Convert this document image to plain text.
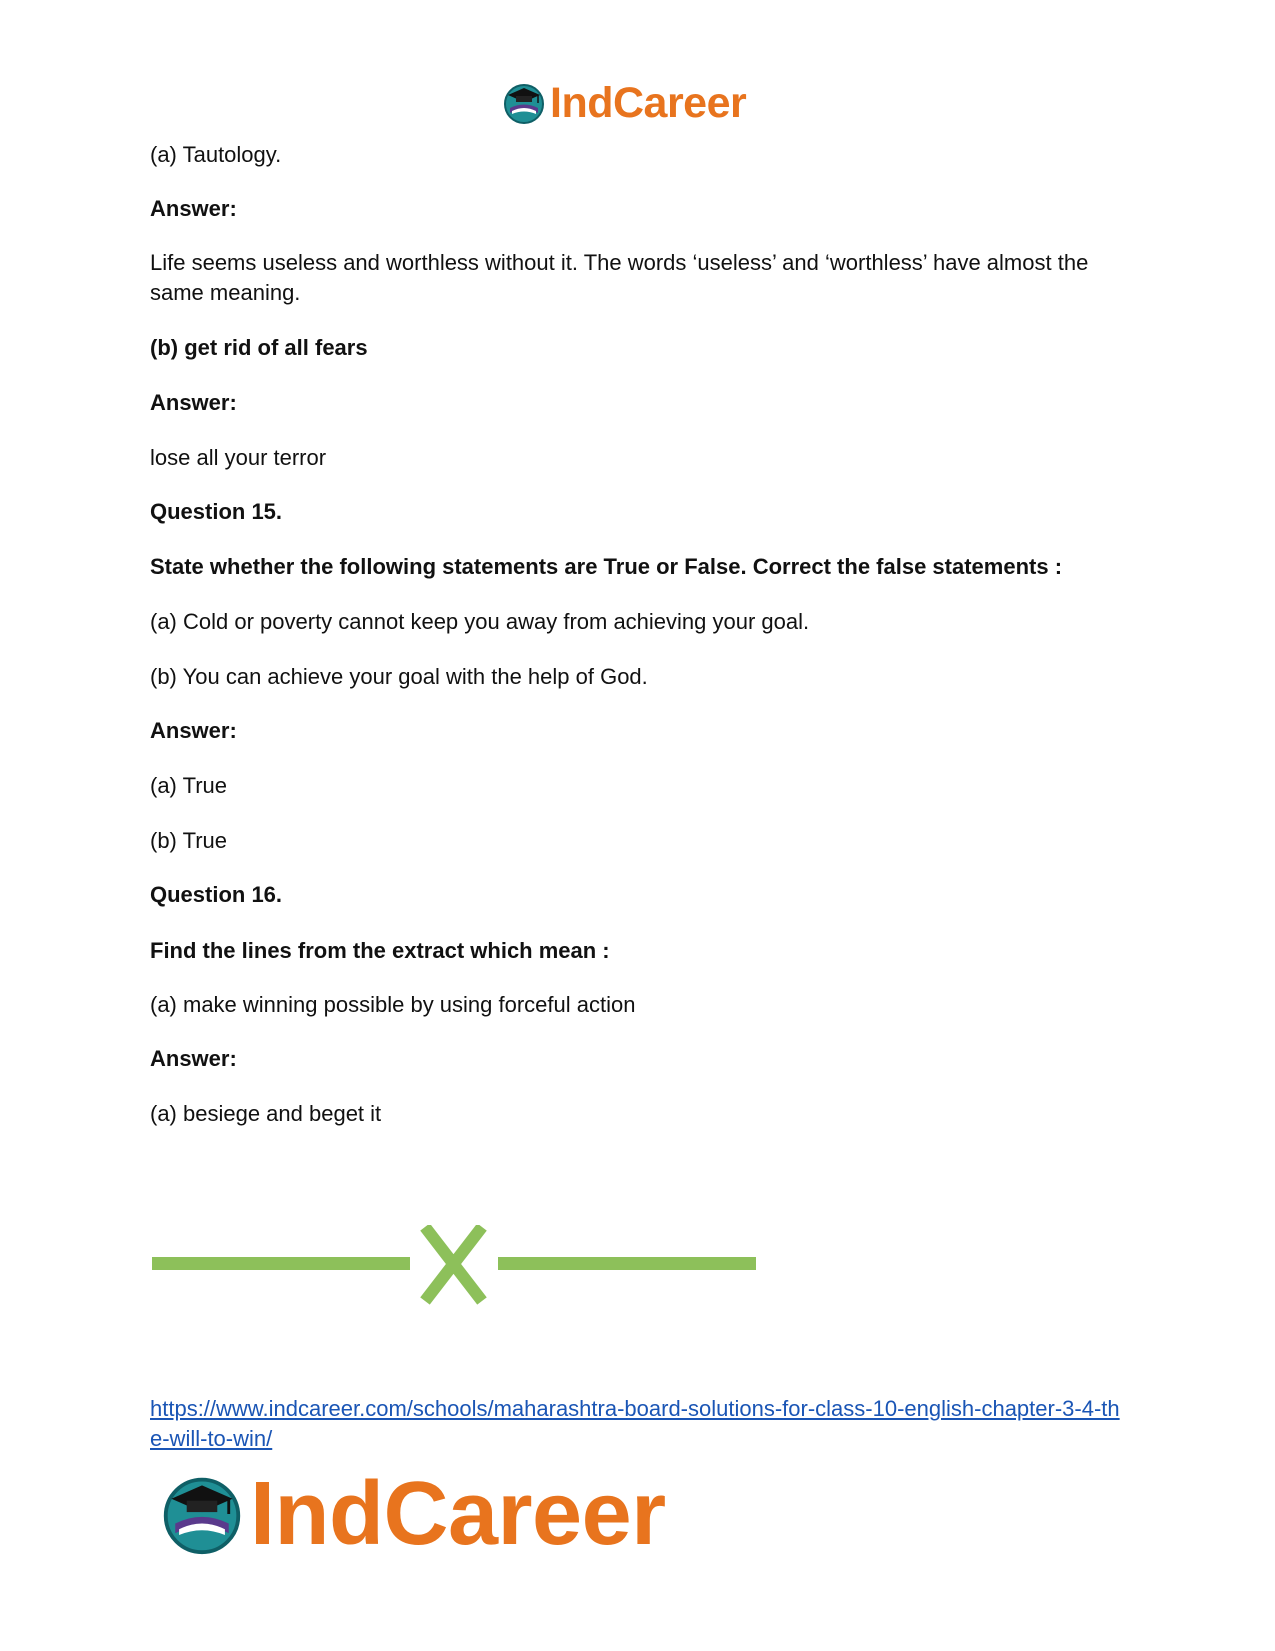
IndCareer

(a) Tautology.

Answer:

Life seems useless and worthless without it. The words ‘useless’ and ‘worthless’ have almost the same meaning.

(b) get rid of all fears

Answer:

lose all your terror

Question 15.

State whether the following statements are True or False. Correct the false statements :

(a) Cold or poverty cannot keep you away from achieving your goal.

(b) You can achieve your goal with the help of God.

Answer:

(a) True

(b) True

Question 16.

Find the lines from the extract which mean :

(a) make winning possible by using forceful action

Answer:

(a) besiege and beget it

https://www.indcareer.com/schools/maharashtra-board-solutions-for-class-10-english-chapter-3-4-the-will-to-win/
IndCareer
